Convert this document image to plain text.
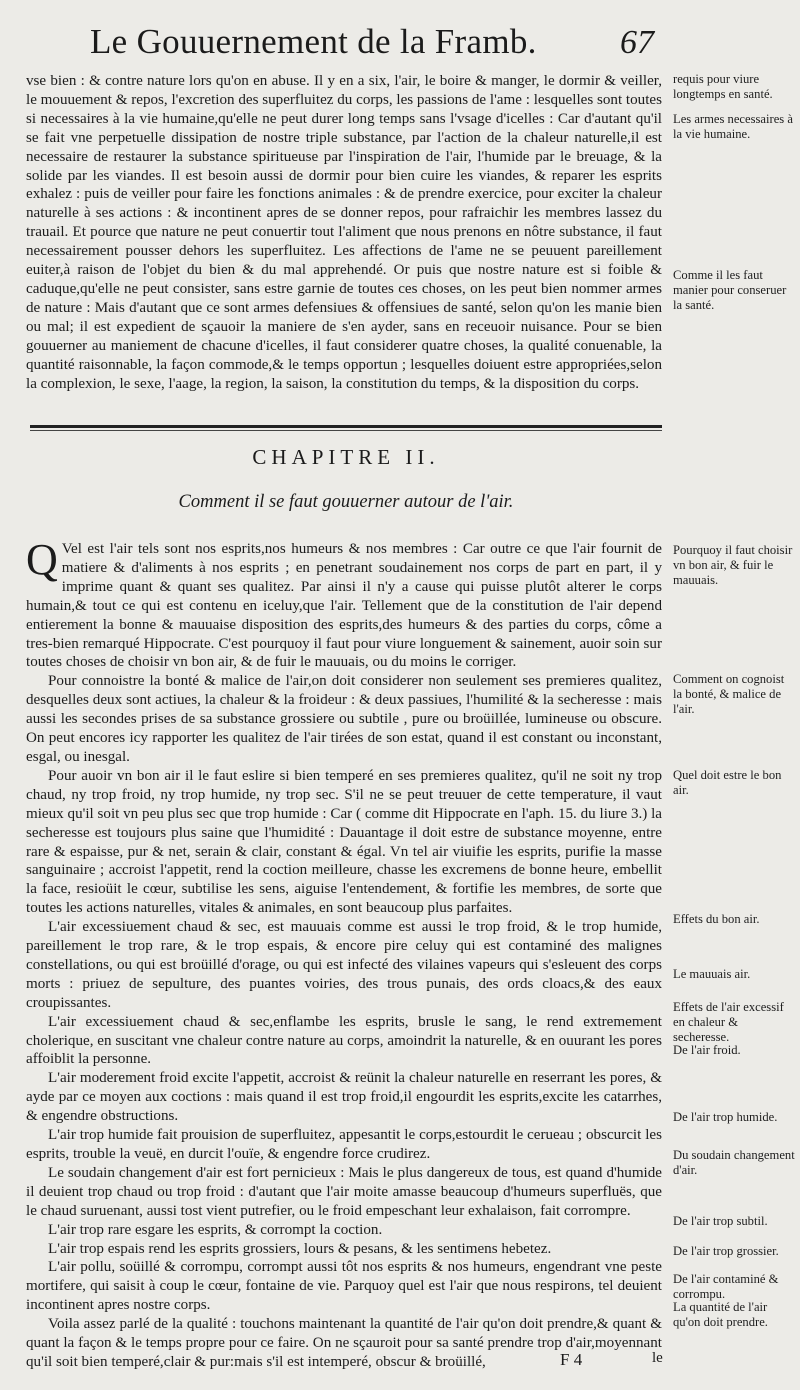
Le Gouuernement de la Framb.	67

vse bien : & contre nature lors qu'on en abuse. Il y en a six, l'air, le boire & manger, le dormir & veiller, le mouuement & repos, l'excretion des superfluitez du corps, les passions de l'ame : lesquelles sont toutes si necessaires à la vie humaine,qu'elle ne peut durer long temps sans l'vsage d'icelles : Car d'autant qu'il se fait vne perpetuelle dissipation de nostre triple substance, par l'action de la chaleur naturelle,il est necessaire de restaurer la substance spiritueuse par l'inspiration de l'air, l'humide par le breuage, & la solide par les viandes. Il est besoin aussi de dormir pour bien cuire les viandes, & reparer les esprits exhalez : puis de veiller pour faire les fonctions animales : & de prendre exercice, pour exciter la chaleur naturelle à ses actions : & incontinent apres de se donner repos, pour rafraichir les membres lassez du trauail. Et pource que nature ne peut conuertir tout l'aliment que nous prenons en nôtre substance, il faut necessairement pousser dehors les superfluitez. Les affections de l'ame ne se peuuent pareillement euiter,à raison de l'objet du bien & du mal apprehendé. Or puis que nostre nature est si foible & caduque,qu'elle ne peut consister, sans estre garnie de toutes ces choses, on les peut bien nommer armes de nature : Mais d'autant que ce sont armes defensiues & offensiues de santé, selon qu'on les manie bien ou mal; il est expedient de sçauoir la maniere de s'en ayder, sans en receuoir nuisance. Pour se bien gouuerner au maniement de chacune d'icelles, il faut considerer quatre choses, la qualité conuenable, la quantité raisonnable, la façon commode,& le temps opportun ; lesquelles doiuent estre appropriées,selon la complexion, le sexe, l'aage, la region, la saison, la constitution du temps, & la disposition du corps.

CHAPITRE II.
Comment il se faut gouuerner autour de l'air.

Q Vel est l'air tels sont nos esprits,nos humeurs & nos membres : Car outre ce que l'air fournit de matiere & d'aliments à nos esprits ; en penetrant soudainement nos corps de part en part, il y imprime quant & quant ses qualitez. Par ainsi il n'y a cause qui puisse plutôt alterer le corps humain,& tout ce qui est contenu en iceluy,que l'air. Tellement que de la constitution de l'air depend entierement la bonne & mauuaise disposition des esprits,des humeurs & des parties du corps, côme a tres-bien remarqué Hippocrate. C'est pourquoy il faut pour viure longuement & sainement, auoir soin sur toutes choses de choisir vn bon air, & de fuir le mauuais, ou du moins le corriger.

Pour connoistre la bonté & malice de l'air,on doit considerer non seulement ses premieres qualitez, desquelles deux sont actiues, la chaleur & la froideur : & deux passiues, l'humilité & la secheresse : mais aussi les secondes prises de sa substance grossiere ou subtile , pure ou broüillée, lumineuse ou obscure. On peut encores icy rapporter les qualitez de l'air tirées de son estat, quand il est constant ou inconstant, esgal, ou inesgal.

Pour auoir vn bon air il le faut eslire si bien temperé en ses premieres qualitez, qu'il ne soit ny trop chaud, ny trop froid, ny trop humide, ny trop sec. S'il ne se peut treuuer de cette temperature, il vaut mieux qu'il soit vn peu plus sec que trop humide : Car ( comme dit Hippocrate en l'aph. 15. du liure 3.) la secheresse est toujours plus saine que l'humidité : Dauantage il doit estre de substance moyenne, entre rare & espaisse, pur & net, serain & clair, constant & égal. Vn tel air viuifie les esprits, purifie la masse sanguinaire ; accroist l'appetit, rend la coction meilleure, chasse les excremens de bonne heure, embellit la face, resioüit le cœur, subtilise les sens, aiguise l'entendement, & fortifie les membres, de sorte que toutes les actions naturelles, vitales & animales, en sont beaucoup plus parfaites.

L'air excessiuement chaud & sec, est mauuais comme est aussi le trop froid, & le trop humide, pareillement le trop rare, & le trop espais, & encore pire celuy qui est contaminé des malignes constellations, ou qui est broüillé d'orage, ou qui est infecté des vilaines vapeurs qui s'esleuent des corps morts : priuez de sepulture, des puantes voiries, des trous punais, des ords cloacs,& des eaux croupissantes.

L'air excessiuement chaud & sec,enflambe les esprits, brusle le sang, le rend extremement cholerique, en suscitant vne chaleur contre nature au corps, amoindrit la naturelle, & en ouurant les pores affoiblit la personne.

L'air moderement froid excite l'appetit, accroist & reünit la chaleur naturelle en reserrant les pores, & ayde par ce moyen aux coctions : mais quand il est trop froid,il engourdit les esprits,excite les catarrhes, & engendre obstructions.

L'air trop humide fait prouision de superfluitez, appesantit le corps,estourdit le cerueau ; obscurcit les esprits, trouble la veuë, en durcit l'ouïe, & engendre force crudirez.

Le soudain changement d'air est fort pernicieux : Mais le plus dangereux de tous, est quand d'humide il deuient trop chaud ou trop froid : d'autant que l'air moite amasse beaucoup d'humeurs superfluës, que le chaud suruenant, aussi tost vient putrefier, ou le froid empeschant leur exhalaison, fait corrompre.

L'air trop rare esgare les esprits, & corrompt la coction.

L'air trop espais rend les esprits grossiers, lours & pesans, & les sentimens hebetez.

L'air pollu, soüillé & corrompu, corrompt aussi tôt nos esprits & nos humeurs, engendrant vne peste mortifere, qui saisit à coup le cœur, fontaine de vie. Parquoy quel est l'air que nous respirons, tel deuient incontinent apres nostre corps.

Voila assez parlé de la qualité : touchons maintenant la quantité de l'air qu'on doit prendre,& quant & quant la façon & le temps propre pour ce faire. On ne sçauroit pour sa santé prendre trop d'air,moyennant qu'il soit bien temperé,clair & pur:mais s'il est intemperé, obscur & broüillé,

requis pour viure longtemps en santé.
Les armes necessaires à la vie humaine.
Comme il les faut manier pour conseruer la santé.
Pourquoy il faut choisir vn bon air, & fuir le mauuais.
Comment on cognoist la bonté, & malice de l'air.
Quel doit estre le bon air.
Effets du bon air.
Le mauuais air.
Effets de l'air excessif en chaleur & secheresse.
De l'air froid.
De l'air trop humide.
Du soudain changement d'air.
De l'air trop subtil.
De l'air trop grossier.
De l'air contaminé & corrompu.
La quantité de l'air qu'on doit prendre.
F 4	le
